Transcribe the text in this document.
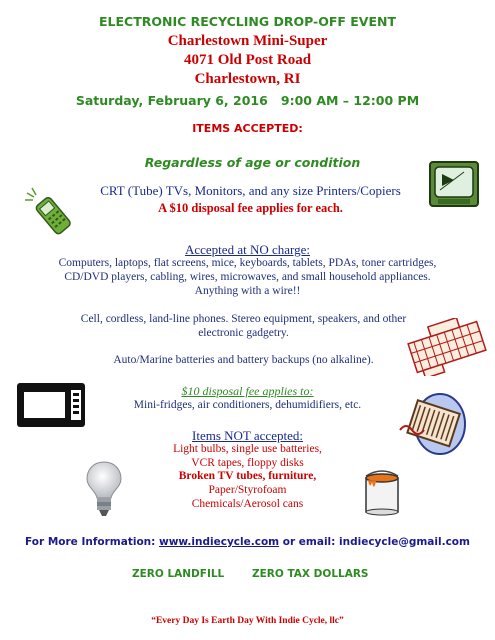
ELECTRONIC RECYCLING DROP-OFF EVENT
Charlestown Mini-Super
4071 Old Post Road
Charlestown, RI
Saturday, February 6, 2016   9:00 AM – 12:00 PM
ITEMS ACCEPTED:
Regardless of age or condition
CRT (Tube) TVs, Monitors, and any size Printers/Copiers
A $10 disposal fee applies for each.
Accepted at NO charge:
Computers, laptops, flat screens, mice, keyboards, tablets, PDAs, toner cartridges,
CD/DVD players, cabling, wires, microwaves, and small household appliances.
Anything with a wire!!
Cell, cordless, land-line phones. Stereo equipment, speakers, and other
electronic gadgetry.
Auto/Marine batteries and battery backups (no alkaline).
$10 disposal fee applies to:
Mini-fridges, air conditioners, dehumidifiers, etc.
Items NOT accepted:
Light bulbs, single use batteries,
VCR tapes, floppy disks
Broken TV tubes, furniture,
Paper/Styrofoam
Chemicals/Aerosol cans
For More Information: www.indiecycle.com or email: indiecycle@gmail.com
ZERO LANDFILL	ZERO TAX DOLLARS
“Every Day Is Earth Day With Indie Cycle, llc”
